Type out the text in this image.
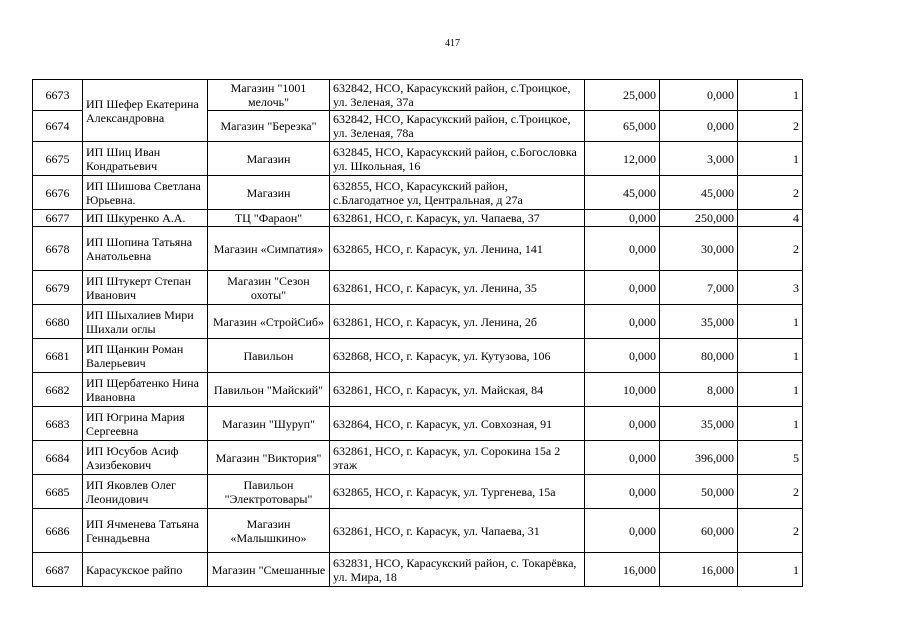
417
6673	ИП Шефер Екатерина Александровна	Магазин "1001 мелочь"	632842, НСО, Карасукский район, с.Троицкое, ул. Зеленая, 37а	25,000	0,000	1
6674		Магазин "Березка"	632842, НСО, Карасукский район, с.Троицкое, ул. Зеленая, 78а	65,000	0,000	2
6675	ИП Шиц Иван Кондратьевич	Магазин	632845, НСО, Карасукский район, с.Богословка ул. Школьная, 16	12,000	3,000	1
6676	ИП Шишова Светлана Юрьевна.	Магазин	632855, НСО, Карасукский район, с.Благодатное ул, Центральная, д 27а	45,000	45,000	2
6677	ИП Шкуренко А.А.	ТЦ "Фараон"	632861, НСО, г. Карасук, ул. Чапаева, 37	0,000	250,000	4
6678	ИП Шопина Татьяна Анатольевна	Магазин «Симпатия»	632865, НСО, г. Карасук, ул. Ленина, 141	0,000	30,000	2
6679	ИП Штукерт Степан Иванович	Магазин "Сезон охоты"	632861, НСО, г. Карасук, ул. Ленина, 35	0,000	7,000	3
6680	ИП Шыхалиев Мири Шихали оглы	Магазин «СтройСиб»	632861, НСО, г. Карасук, ул. Ленина, 2б	0,000	35,000	1
6681	ИП Щанкин Роман Валерьевич	Павильон	632868, НСО, г. Карасук, ул. Кутузова, 106	0,000	80,000	1
6682	ИП Щербатенко Нина Ивановна	Павильон "Майский"	632861, НСО, г. Карасук, ул. Майская, 84	10,000	8,000	1
6683	ИП Югрина Мария Сергеевна	Магазин "Шуруп"	632864, НСО, г. Карасук, ул. Совхозная, 91	0,000	35,000	1
6684	ИП Юсубов Асиф Азизбекович	Магазин "Виктория"	632861, НСО, г. Карасук, ул. Сорокина 15а 2 этаж	0,000	396,000	5
6685	ИП Яковлев Олег Леонидович	Павильон "Электротовары"	632865, НСО, г. Карасук, ул. Тургенева, 15а	0,000	50,000	2
6686	ИП Ячменева Татьяна Геннадьевна	Магазин «Малышкино»	632861, НСО, г. Карасук, ул. Чапаева, 31	0,000	60,000	2
6687	Карасукское райпо	Магазин "Смешанные	632831, НСО, Карасукский район, с. Токарёвка, ул. Мира, 18	16,000	16,000	1
